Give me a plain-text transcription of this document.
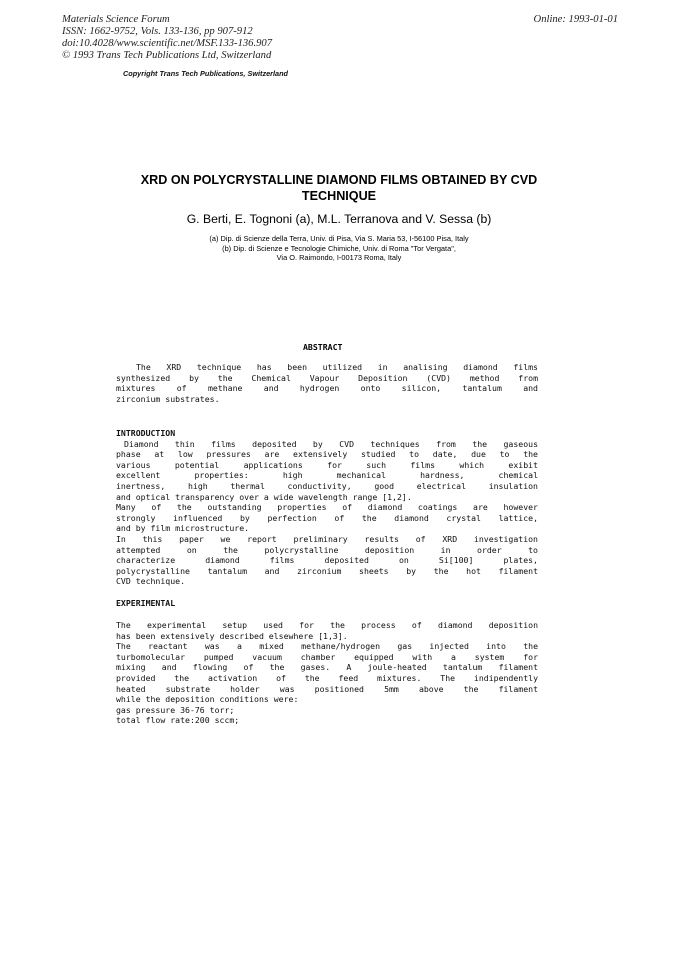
Materials Science Forum	Online: 1993-01-01
ISSN: 1662-9752, Vols. 133-136, pp 907-912
doi:10.4028/www.scientific.net/MSF.133-136.907
© 1993 Trans Tech Publications Ltd, Switzerland
Copyright Trans Tech Publications, Switzerland
XRD ON POLYCRYSTALLINE DIAMOND FILMS OBTAINED BY CVD
TECHNIQUE
G. Berti, E. Tognoni (a), M.L. Terranova and V. Sessa (b)
(a) Dip. di Scienze della Terra, Univ. di Pisa, Via S. Maria 53, I-56100 Pisa, Italy
(b) Dip. di Scienze e Tecnologie Chimiche, Univ. di Roma "Tor Vergata",
Via O. Raimondo, I-00173 Roma, Italy
ABSTRACT
The XRD technique has been utilized in analising diamond films
synthesized by the Chemical Vapour Deposition (CVD) method from
mixtures of methane and hydrogen onto silicon, tantalum and
zirconium substrates.
INTRODUCTION
Diamond thin films deposited by CVD techniques from the gaseous
phase at low pressures are extensively studied to date, due to the
various potential applications for such films which exibit
excellent properties: high mechanical hardness, chemical
inertness, high thermal conductivity, good electrical insulation
and optical transparency over a wide wavelength range [1,2].
Many of the outstanding properties of diamond coatings are however
strongly influenced by perfection of the diamond crystal lattice,
and by film microstructure.
In this paper we report preliminary results of XRD investigation
attempted on the polycrystalline deposition in order to
characterize diamond films deposited on Si[100] plates,
polycrystalline tantalum and zirconium sheets by the hot filament
CVD technique.
EXPERIMENTAL
The experimental setup used for the process of diamond deposition
has been extensively described elsewhere [1,3].
The reactant was a mixed methane/hydrogen gas injected into the
turbomolecular pumped vacuum chamber equipped with a system for
mixing and flowing of the gases. A joule-heated tantalum filament
provided the activation of the feed mixtures. The indipendently
heated substrate holder was positioned 5mm above the filament
while the deposition conditions were:
gas pressure 36-76 torr;
total flow rate:200 sccm;
